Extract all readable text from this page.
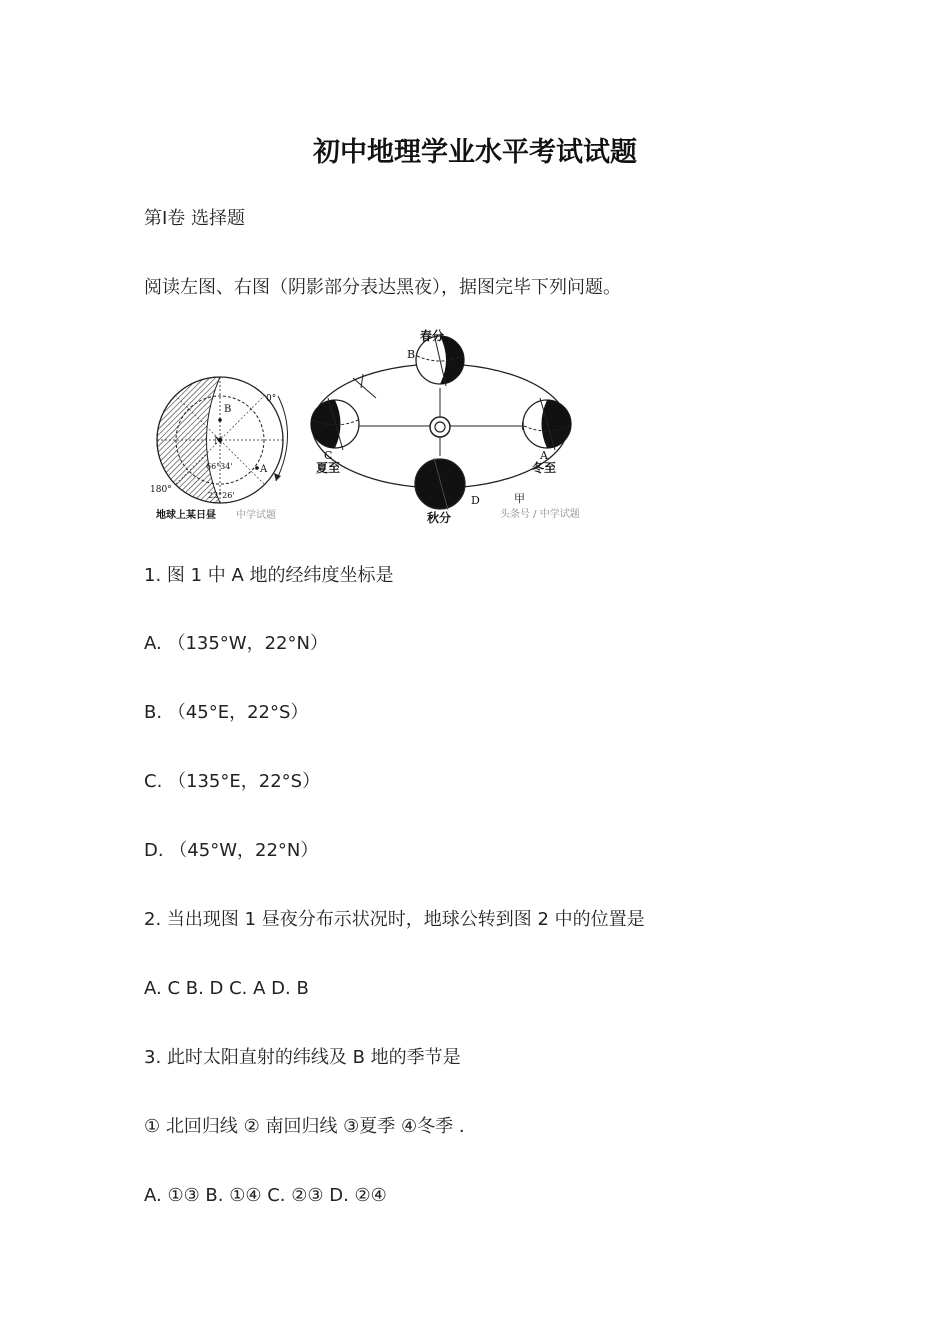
初中地理学业水平考试试题
第Ⅰ卷 选择题
阅读左图、右图（阴影部分表达黑夜），据图完毕下列问题。
B
N
A
0°
180°
66°34'
23°26'
地球上某日昼 中学试题
春分
B
C
夏至
A
冬至
D
秋分
甲
头条号 / 中学试题
1. 图 1 中 A 地的经纬度坐标是
A. （135°W，22°N）
B. （45°E，22°S）
C. （135°E，22°S）
D. （45°W，22°N）
2. 当出现图 1 昼夜分布示状况时，地球公转到图 2 中的位置是
A. C B. D C. A D. B
3. 此时太阳直射的纬线及 B 地的季节是
① 北回归线 ② 南回归线 ③夏季 ④冬季 .
A. ①③ B. ①④ C. ②③ D. ②④
